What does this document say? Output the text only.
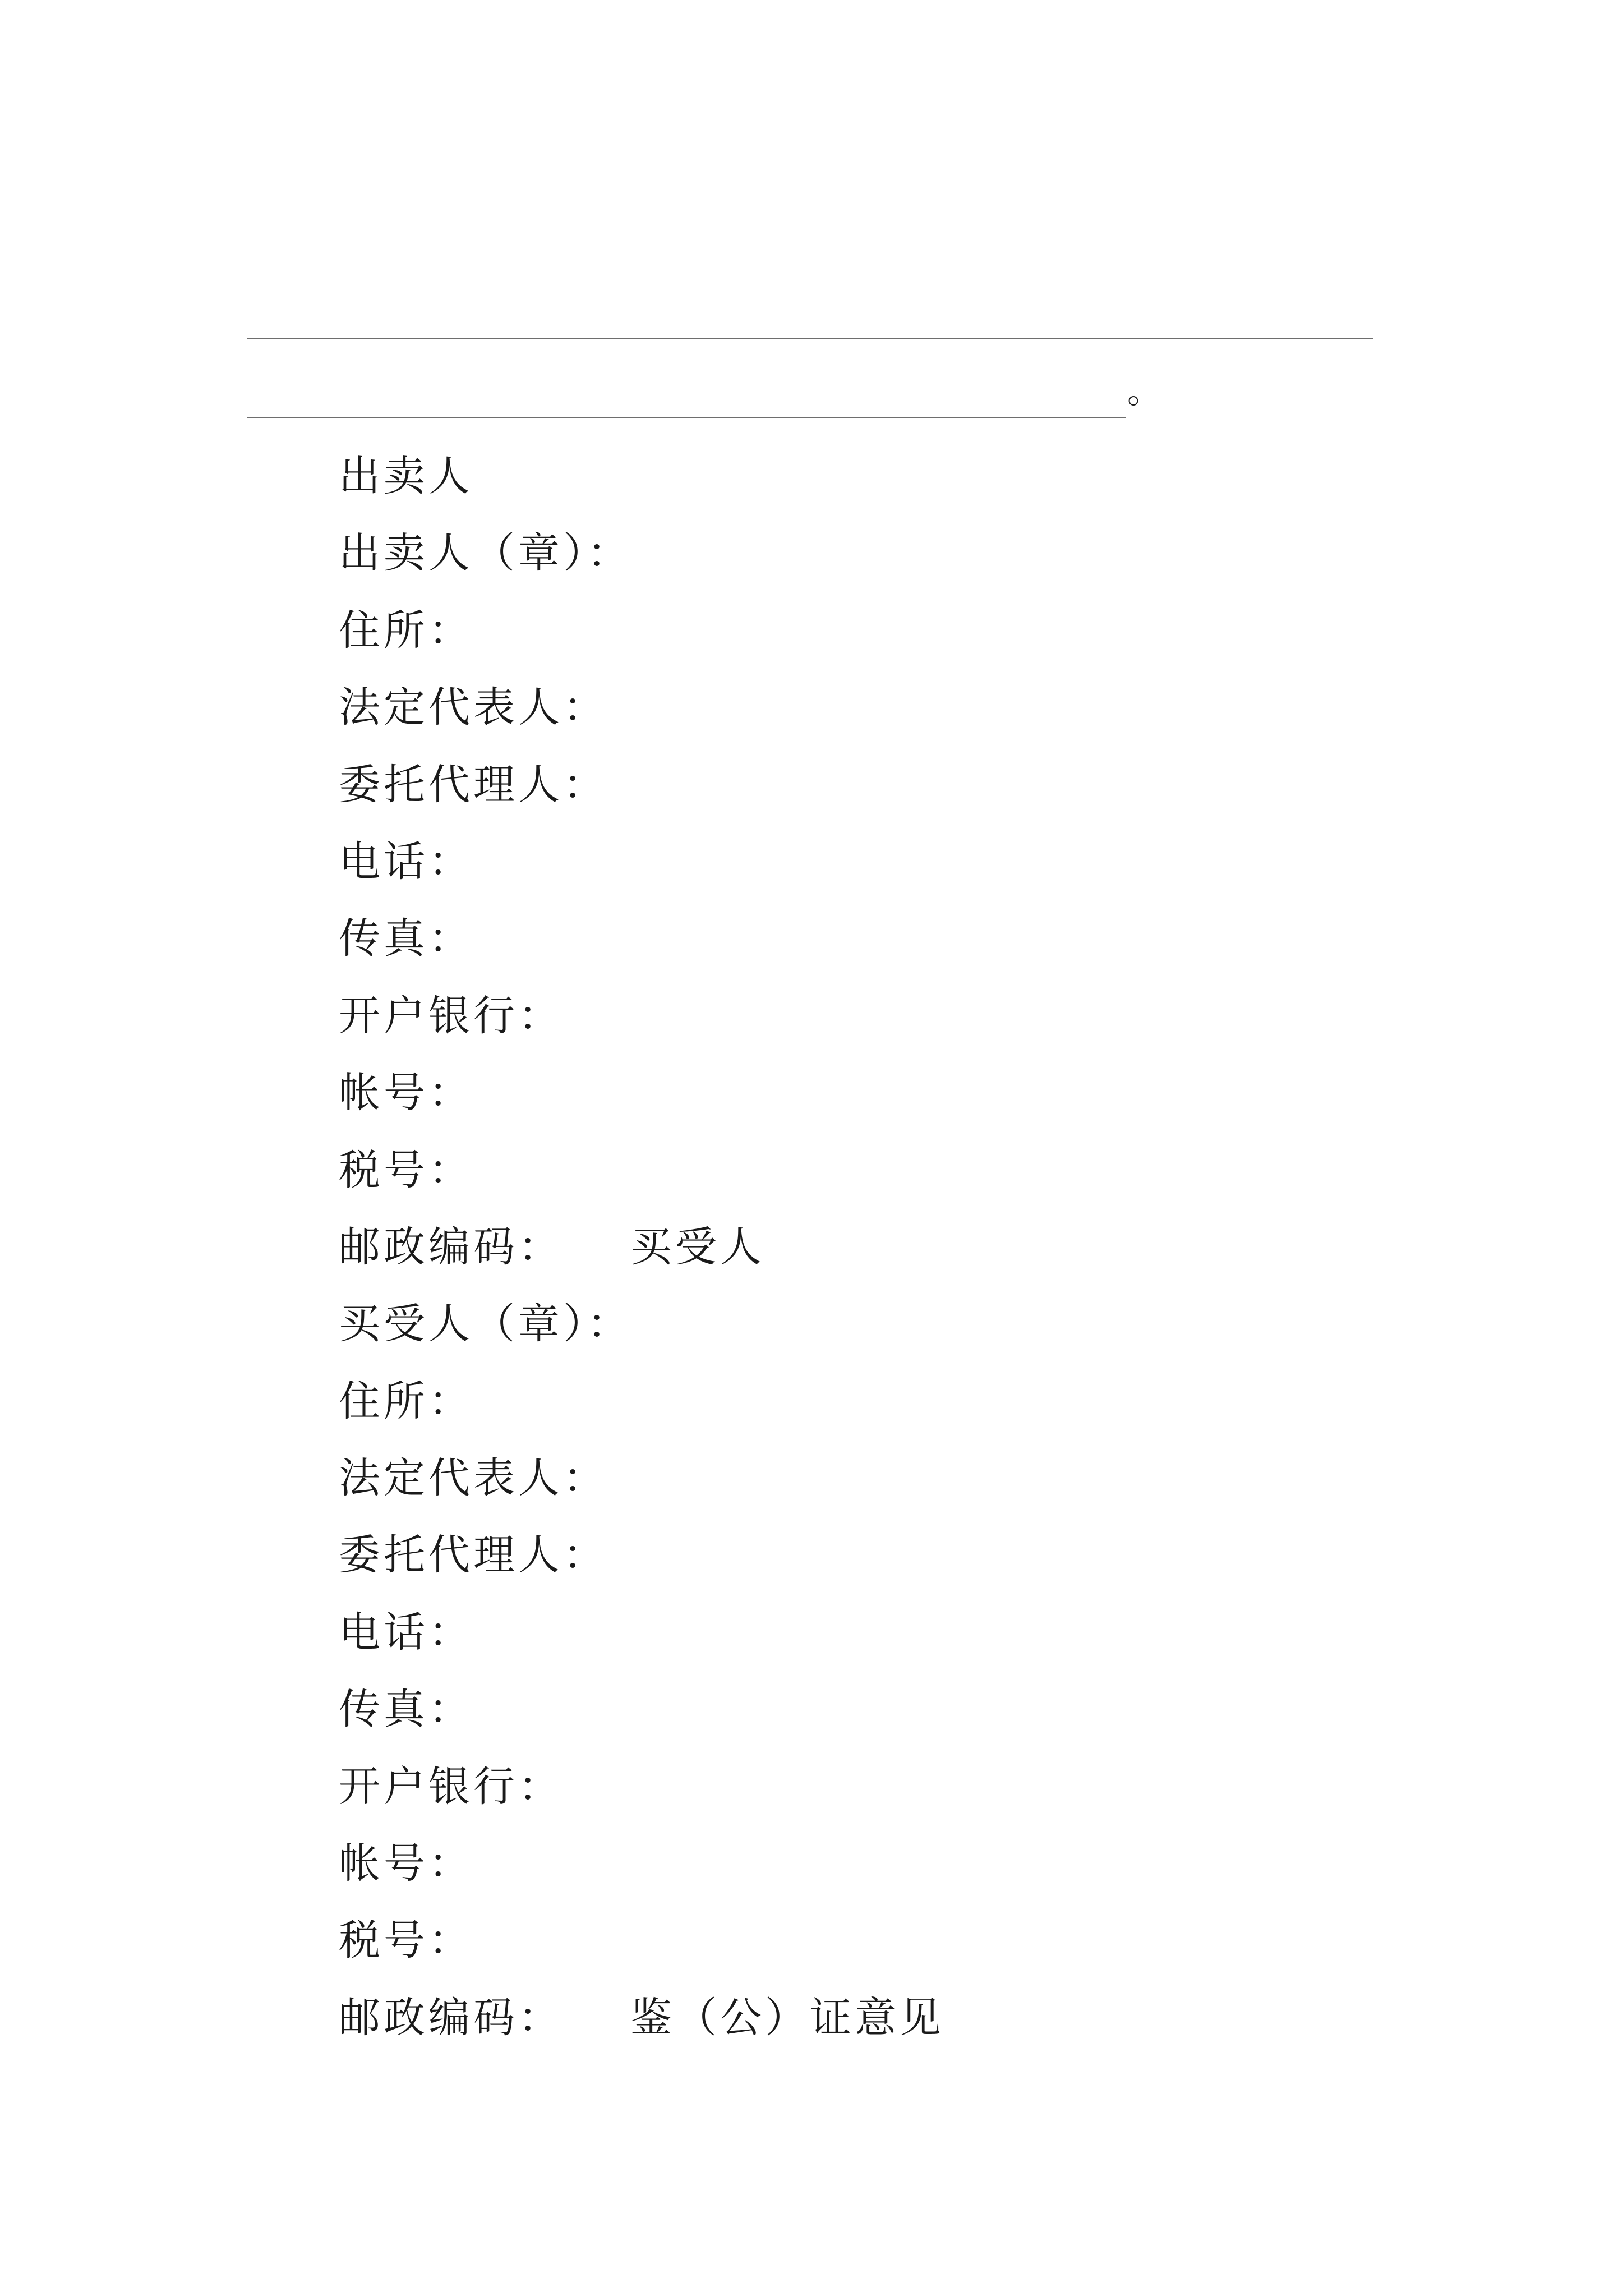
。
出卖人
出卖人（章）：
住所：
法定代表人：
委托代理人：
电话：
传真：
开户银行：
帐号：
税号：
邮政编码： 买受人
买受人（章）：
住所：
法定代表人：
委托代理人：
电话：
传真：
开户银行：
帐号：
税号：
邮政编码： 鉴（公）证意见
